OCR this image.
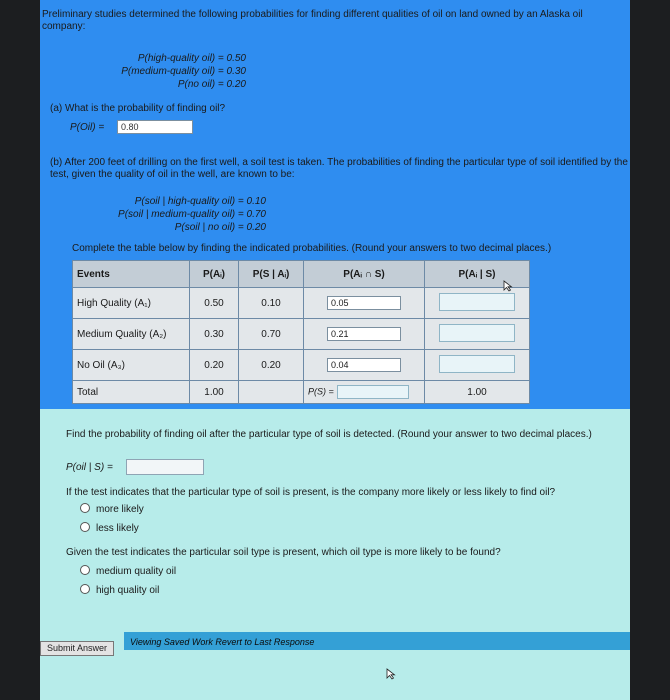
Preliminary studies determined the following probabilities for finding different qualities of oil on land owned by an Alaska oil company:
P(high-quality oil) = 0.50
P(medium-quality oil) = 0.30
P(no oil) = 0.20
(a) What is the probability of finding oil?
P(Oil) =	0.80
(b) After 200 feet of drilling on the first well, a soil test is taken. The probabilities of finding the particular type of soil identified by the test, given the quality of oil in the well, are known to be:
P(soil | high-quality oil) = 0.10
P(soil | medium-quality oil) = 0.70
P(soil | no oil) = 0.20
Complete the table below by finding the indicated probabilities. (Round your answers to two decimal places.)
Events	P(Aᵢ)	P(S | Aᵢ)	P(Aᵢ ∩ S)	P(Aᵢ | S)
High Quality (A₁)	0.50	0.10	0.05	
Medium Quality (A₂)	0.30	0.70	0.21	
No Oil (A₃)	0.20	0.20	0.04	
Total	1.00		P(S) =	1.00
Find the probability of finding oil after the particular type of soil is detected. (Round your answer to two decimal places.)
P(oil | S) =
If the test indicates that the particular type of soil is present, is the company more likely or less likely to find oil?
more likely
less likely
Given the test indicates the particular soil type is present, which oil type is more likely to be found?
medium quality oil
high quality oil
Viewing Saved Work Revert to Last Response
Submit Answer
